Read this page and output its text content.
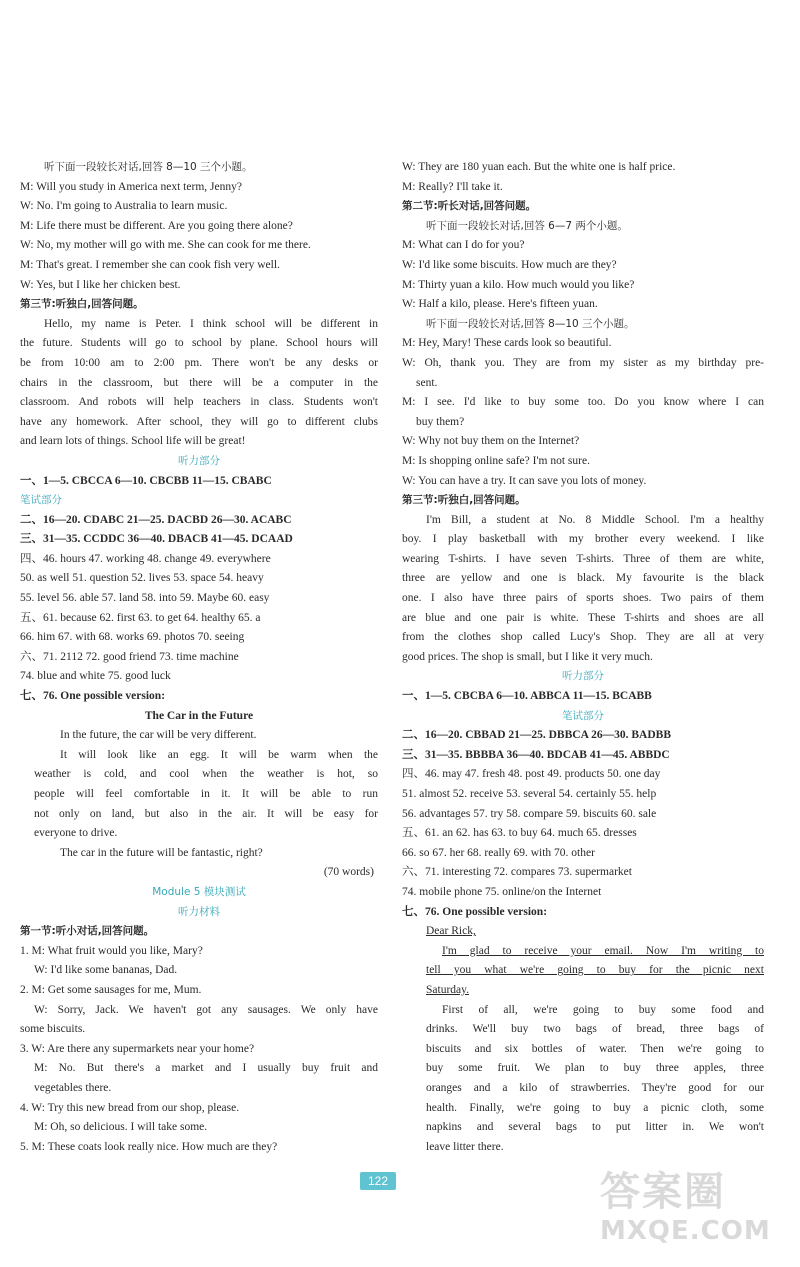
听下面一段较长对话,回答 8—10 三个小题。
M: Will you study in America next term, Jenny?
W: No. I'm going to Australia to learn music.
M: Life there must be different. Are you going there alone?
W: No, my mother will go with me. She can cook for me there.
M: That's great. I remember she can cook fish very well.
W: Yes, but I like her chicken best.
第三节:听独白,回答问题。
Hello, my name is Peter. I think school will be different in
the future. Students will go to school by plane. School hours will
be from 10:00 am to 2:00 pm. There won't be any desks or
chairs in the classroom, but there will be a computer in the
classroom. And robots will help teachers in class. Students won't
have any homework. After school, they will go to different clubs
and learn lots of things. School life will be great!
听力部分
一、1—5. CBCCA 6—10. CBCBB 11—15. CBABC
笔试部分
二、16—20. CDABC 21—25. DACBD 26—30. ACABC
三、31—35. CCDDC 36—40. DBACB 41—45. DCAAD
四、46. hours 47. working 48. change 49. everywhere
50. as well 51. question 52. lives 53. space 54. heavy
55. level 56. able 57. land 58. into 59. Maybe 60. easy
五、61. because 62. first 63. to get 64. healthy 65. a
66. him 67. with 68. works 69. photos 70. seeing
六、71. 2112 72. good friend 73. time machine
74. blue and white 75. good luck
七、76. One possible version:
The Car in the Future
In the future, the car will be very different.
It will look like an egg. It will be warm when the
weather is cold, and cool when the weather is hot, so
people will feel comfortable in it. It will be able to run
not only on land, but also in the air. It will be easy for
everyone to drive.
The car in the future will be fantastic, right?
(70 words)
Module 5 模块测试
听力材料
第一节:听小对话,回答问题。
1. M: What fruit would you like, Mary?
W: I'd like some bananas, Dad.
2. M: Get some sausages for me, Mum.
W: Sorry, Jack. We haven't got any sausages. We only have
some biscuits.
3. W: Are there any supermarkets near your home?
M: No. But there's a market and I usually buy fruit and
vegetables there.
4. W: Try this new bread from our shop, please.
M: Oh, so delicious. I will take some.
5. M: These coats look really nice. How much are they?
W: They are 180 yuan each. But the white one is half price.
M: Really? I'll take it.
第二节:听长对话,回答问题。
听下面一段较长对话,回答 6—7 两个小题。
M: What can I do for you?
W: I'd like some biscuits. How much are they?
M: Thirty yuan a kilo. How much would you like?
W: Half a kilo, please. Here's fifteen yuan.
听下面一段较长对话,回答 8—10 三个小题。
M: Hey, Mary! These cards look so beautiful.
W: Oh, thank you. They are from my sister as my birthday pre-
sent.
M: I see. I'd like to buy some too. Do you know where I can
buy them?
W: Why not buy them on the Internet?
M: Is shopping online safe? I'm not sure.
W: You can have a try. It can save you lots of money.
第三节:听独白,回答问题。
I'm Bill, a student at No. 8 Middle School. I'm a healthy
boy. I play basketball with my brother every weekend. I like
wearing T-shirts. I have seven T-shirts. Three of them are white,
three are yellow and one is black. My favourite is the black
one. I also have three pairs of sports shoes. Two pairs of them
are blue and one pair is white. These T-shirts and shoes are all
from the clothes shop called Lucy's Shop. They are all at very
good prices. The shop is small, but I like it very much.
听力部分
一、1—5. CBCBA 6—10. ABBCA 11—15. BCABB
笔试部分
二、16—20. CBBAD 21—25. DBBCA 26—30. BADBB
三、31—35. BBBBA 36—40. BDCAB 41—45. ABBDC
四、46. may 47. fresh 48. post 49. products 50. one day
51. almost 52. receive 53. several 54. certainly 55. help
56. advantages 57. try 58. compare 59. biscuits 60. sale
五、61. an 62. has 63. to buy 64. much 65. dresses
66. so 67. her 68. really 69. with 70. other
六、71. interesting 72. compares 73. supermarket
74. mobile phone 75. online/on the Internet
七、76. One possible version:
Dear Rick,
I'm glad to receive your email. Now I'm writing to
tell you what we're going to buy for the picnic next
Saturday.
First of all, we're going to buy some food and
drinks. We'll buy two bags of bread, three bags of
biscuits and six bottles of water. Then we're going to
buy some fruit. We plan to buy three apples, three
oranges and a kilo of strawberries. They're good for our
health. Finally, we're going to buy a picnic cloth, some
napkins and several bags to put litter in. We won't
leave litter there.
122	答案圈
MXQE.COM
